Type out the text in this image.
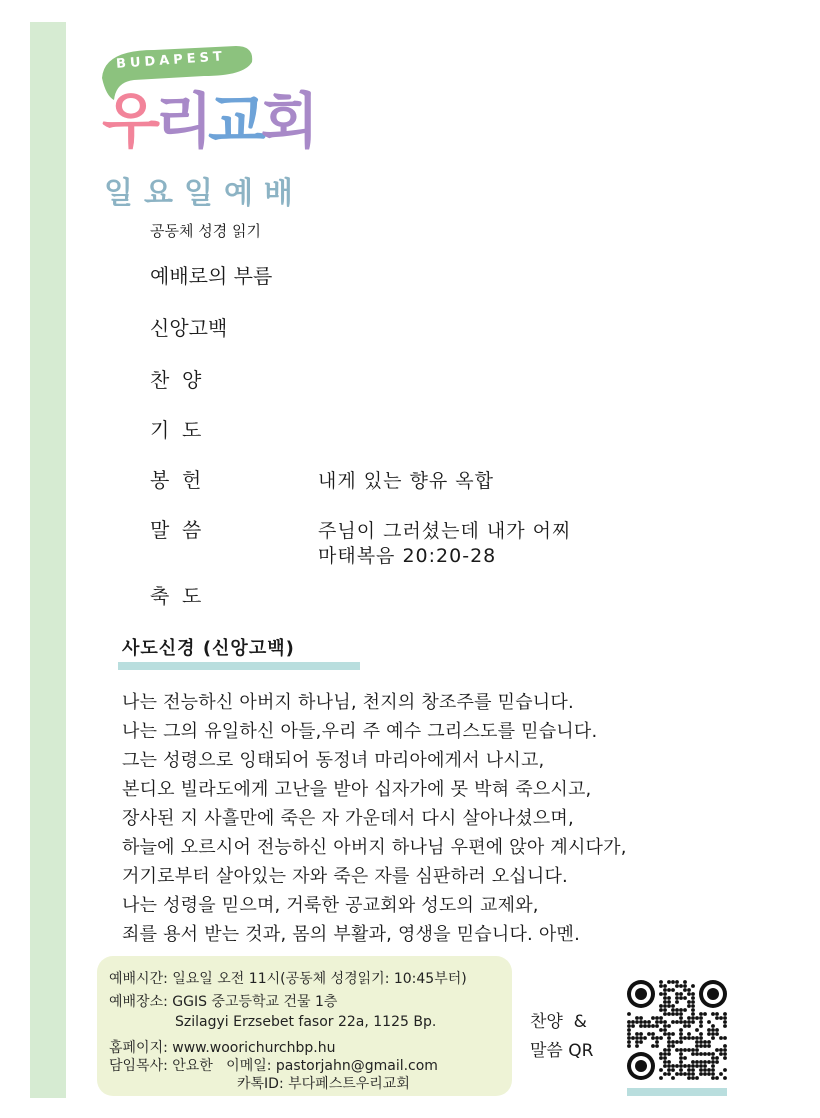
BUDAPEST
우리교회
일요일예배
공동체 성경 읽기
예배로의 부름
신앙고백
찬  양
기  도
봉  헌	내게 있는 향유 옥합
말  씀	주님이 그러셨는데 내가 어찌
마태복음 20:20-28
축  도
사도신경 (신앙고백)
나는 전능하신 아버지 하나님, 천지의 창조주를 믿습니다.
나는 그의 유일하신 아들,우리 주 예수 그리스도를 믿습니다.
그는 성령으로 잉태되어 동정녀 마리아에게서 나시고,
본디오 빌라도에게 고난을 받아 십자가에 못 박혀 죽으시고,
장사된 지 사흘만에 죽은 자 가운데서 다시 살아나셨으며,
하늘에 오르시어 전능하신 아버지 하나님 우편에 앉아 계시다가,
거기로부터 살아있는 자와 죽은 자를 심판하러 오십니다.
나는 성령을 믿으며, 거룩한 공교회와 성도의 교제와,
죄를 용서 받는 것과, 몸의 부활과, 영생을 믿습니다. 아멘.
예배시간: 일요일 오전 11시(공동체 성경읽기: 10:45부터)
예배장소: GGIS 중고등학교 건물 1층
Szilagyi Erzsebet fasor 22a, 1125 Bp.
홈페이지: www.woorichurchbp.hu
담임목사: 안요한   이메일: pastorjahn@gmail.com
카톡ID: 부다페스트우리교회
찬양  &
말씀 QR
